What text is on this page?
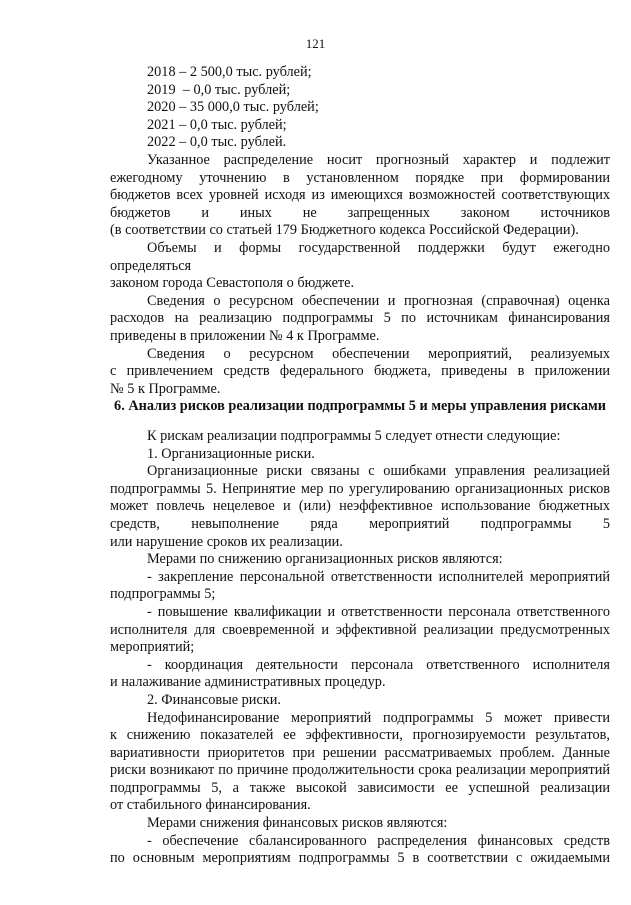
121
2018 – 2 500,0 тыс. рублей;
2019  – 0,0 тыс. рублей;
2020 – 35 000,0 тыс. рублей;
2021 – 0,0 тыс. рублей;
2022 – 0,0 тыс. рублей.
Указанное распределение носит прогнозный характер и подлежит
ежегодному уточнению в установленном порядке при формировании
бюджетов всех уровней исходя из имеющихся возможностей соответствующих
бюджетов и иных не запрещенных законом источников
(в соответствии со статьей 179 Бюджетного кодекса Российской Федерации).
Объемы и формы государственной поддержки будут ежегодно определяться
законом города Севастополя о бюджете.
Сведения о ресурсном обеспечении и прогнозная (справочная) оценка
расходов на реализацию подпрограммы 5 по источникам финансирования
приведены в приложении № 4 к Программе.
Сведения о ресурсном обеспечении мероприятий, реализуемых
с привлечением средств федерального бюджета, приведены в приложении
№ 5 к Программе.
6. Анализ рисков реализации подпрограммы 5 и меры управления рисками
К рискам реализации подпрограммы 5 следует отнести следующие:
1. Организационные риски.
Организационные риски связаны с ошибками управления реализацией
подпрограммы 5. Непринятие мер по урегулированию организационных рисков
может повлечь нецелевое и (или) неэффективное использование бюджетных
средств, невыполнение ряда мероприятий подпрограммы 5
или нарушение сроков их реализации.
Мерами по снижению организационных рисков являются:
- закрепление персональной ответственности исполнителей мероприятий
подпрограммы 5;
- повышение квалификации и ответственности персонала ответственного
исполнителя для своевременной и эффективной реализации предусмотренных
мероприятий;
- координация деятельности персонала ответственного исполнителя
и налаживание административных процедур.
2. Финансовые риски.
Недофинансирование мероприятий подпрограммы 5 может привести
к снижению показателей ее эффективности, прогнозируемости результатов,
вариативности приоритетов при решении рассматриваемых проблем. Данные
риски возникают по причине продолжительности срока реализации мероприятий
подпрограммы 5, а также высокой зависимости ее успешной реализации
от стабильного финансирования.
Мерами снижения финансовых рисков являются:
- обеспечение сбалансированного распределения финансовых средств
по основным мероприятиям подпрограммы 5 в соответствии с ожидаемыми
